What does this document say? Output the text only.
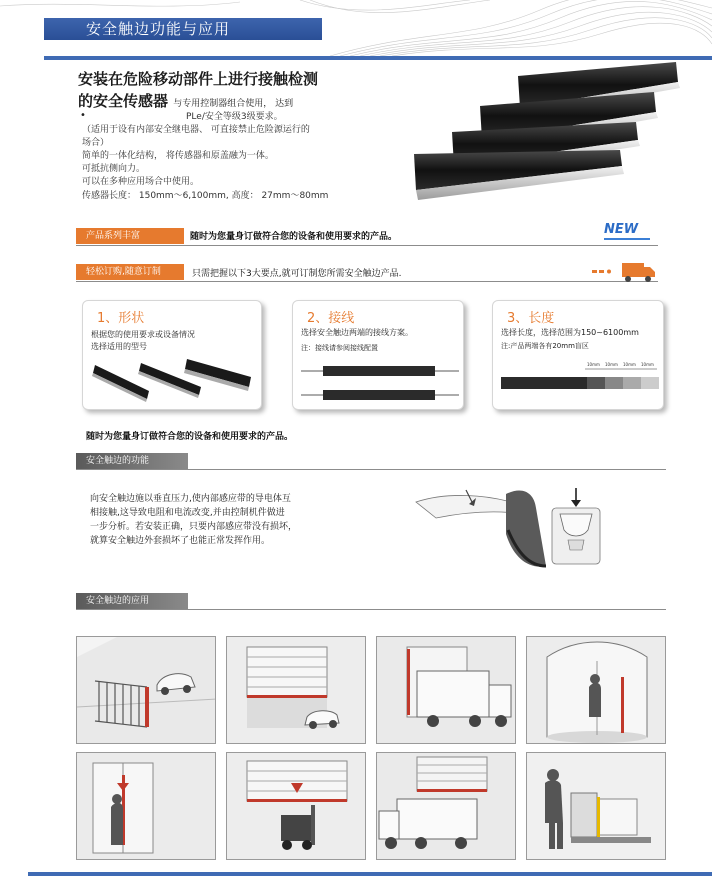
安全触边功能与应用
安装在危险移动部件上进行接触检测
的安全传感器 与专用控制器组合使用， 达到
•	PLe/安全等级3级要求。

（适用于设有内部安全继电器、 可直接禁止危险源运行的

场合）

简单的一体化结构， 将传感器和原盖融为一体。

可抵抗侧向力。

可以在多种应用场合中使用。

传感器长度： 150mm～6,100mm, 高度： 27mm～80mm

产品系列丰富	随时为您量身订做符合您的设备和使用要求的产品。	NEW
轻松订购,随意订制	只需把握以下3大要点,就可订制您所需安全触边产品.
1、形状
根据您的使用要求或设备情况
选择适用的型号
2、接线
选择安全触边两端的接线方案。
注：接线请参阅接线配置
3、长度
选择长度，选择范围为150~6100mm
注:产品两端各有20mm盲区
10mm 10mm 10mm 10mm
随时为您量身订做符合您的设备和使用要求的产品。
安全触边的功能

向安全触边施以垂直压力,使内部感应带的导电体互

相接触,这导致电阻和电流改变,并由控制机件做进

一步分析。若安装正确，只要内部感应带没有损坏，

就算安全触边外套损坏了也能正常发挥作用。

安全触边的应用
